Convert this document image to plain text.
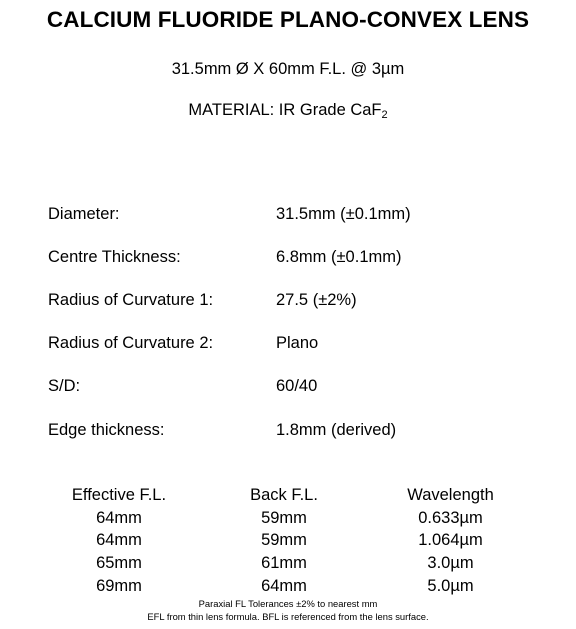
CALCIUM FLUORIDE PLANO-CONVEX LENS
31.5mm Ø X 60mm F.L. @ 3µm
MATERIAL: IR Grade CaF$_2$
Diameter:	31.5mm (±0.1mm)
Centre Thickness:	6.8mm (±0.1mm)
Radius of Curvature 1:	27.5 (±2%)
Radius of Curvature 2:	Plano
S/D:	60/40
Edge thickness:	1.8mm (derived)
Effective F.L.	Back F.L.	Wavelength
64mm	59mm	0.633µm
64mm	59mm	1.064µm
65mm	61mm	3.0µm
69mm	64mm	5.0µm
Paraxial FL Tolerances ±2% to nearest mm
EFL from thin lens formula. BFL is referenced from the lens surface.
